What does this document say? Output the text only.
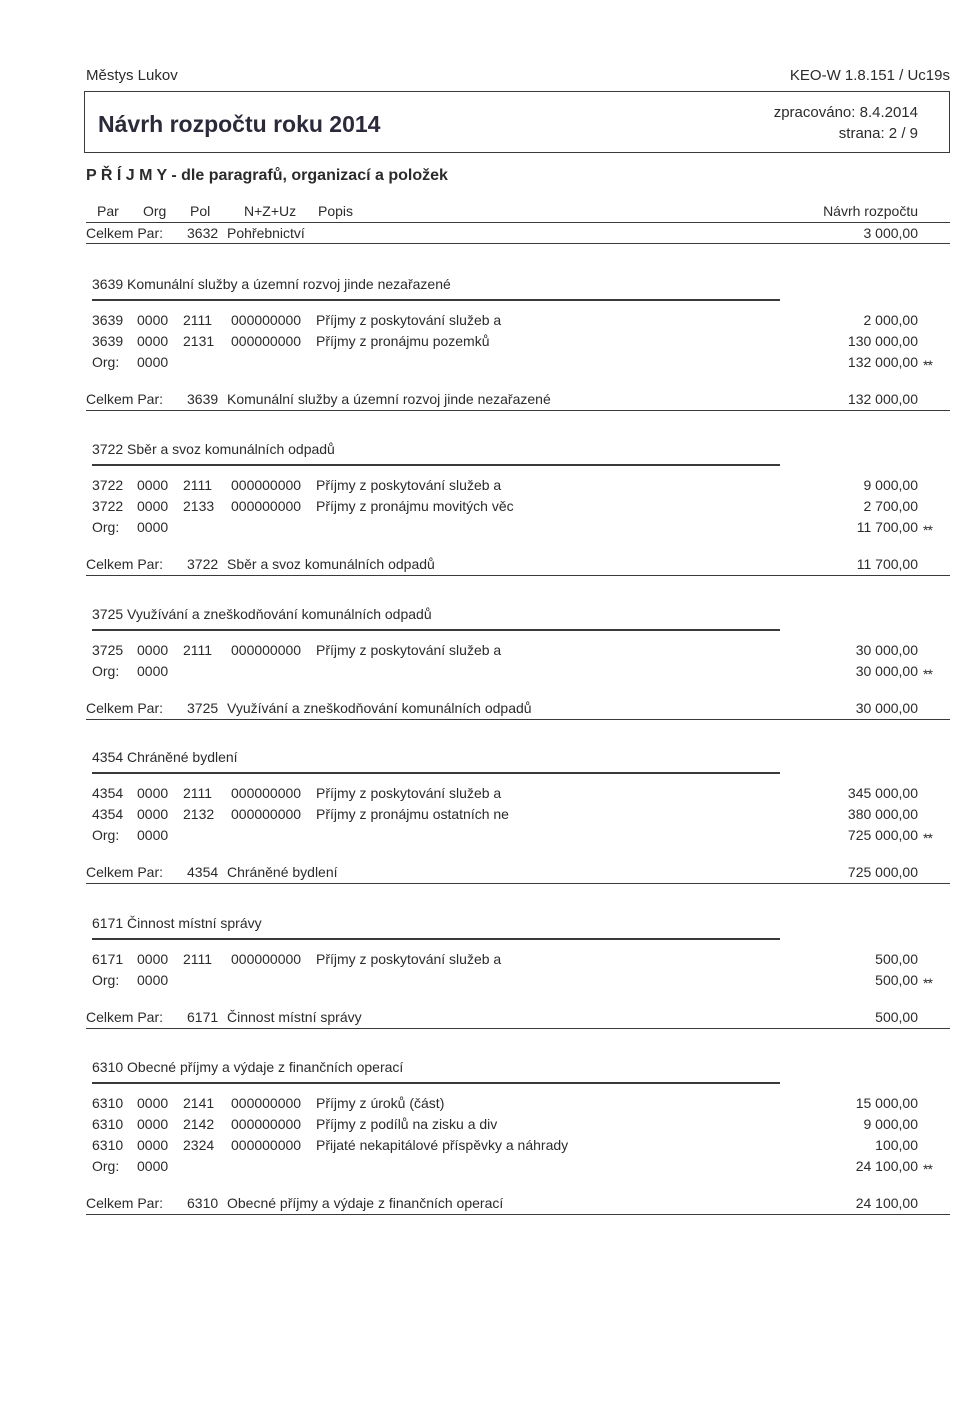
Městys Lukov	KEO-W 1.8.151 / Uc19s
Návrh rozpočtu roku 2014	zpracováno: 8.4.2014
strana: 2 / 9
P Ř Í J M Y - dle paragrafů, organizací a položek
Par Org Pol N+Z+Uz Popis	Návrh rozpočtu
Celkem Par: 3632 Pohřebnictví	3 000,00
3639 Komunální služby a územní rozvoj jinde nezařazené
3639 0000 2111 000000000 Příjmy z poskytování služeb a	2 000,00
3639 0000 2131 000000000 Příjmy z pronájmu pozemků	130 000,00
Org: 0000	132 000,00 **
Celkem Par: 3639 Komunální služby a územní rozvoj jinde nezařazené	132 000,00
3722 Sběr a svoz komunálních odpadů
3722 0000 2111 000000000 Příjmy z poskytování služeb a	9 000,00
3722 0000 2133 000000000 Příjmy z pronájmu movitých věc	2 700,00
Org: 0000	11 700,00 **
Celkem Par: 3722 Sběr a svoz komunálních odpadů	11 700,00
3725 Využívání a zneškodňování komunálních odpadů
3725 0000 2111 000000000 Příjmy z poskytování služeb a	30 000,00
Org: 0000	30 000,00 **
Celkem Par: 3725 Využívání a zneškodňování komunálních odpadů	30 000,00
4354 Chráněné bydlení
4354 0000 2111 000000000 Příjmy z poskytování služeb a	345 000,00
4354 0000 2132 000000000 Příjmy z pronájmu ostatních ne	380 000,00
Org: 0000	725 000,00 **
Celkem Par: 4354 Chráněné bydlení	725 000,00
6171 Činnost místní správy
6171 0000 2111 000000000 Příjmy z poskytování služeb a	500,00
Org: 0000	500,00 **
Celkem Par: 6171 Činnost místní správy	500,00
6310 Obecné příjmy a výdaje z finančních operací
6310 0000 2141 000000000 Příjmy z úroků (část)	15 000,00
6310 0000 2142 000000000 Příjmy z podílů na zisku a div	9 000,00
6310 0000 2324 000000000 Přijaté nekapitálové příspěvky a náhrady	100,00
Org: 0000	24 100,00 **
Celkem Par: 6310 Obecné příjmy a výdaje z finančních operací	24 100,00
